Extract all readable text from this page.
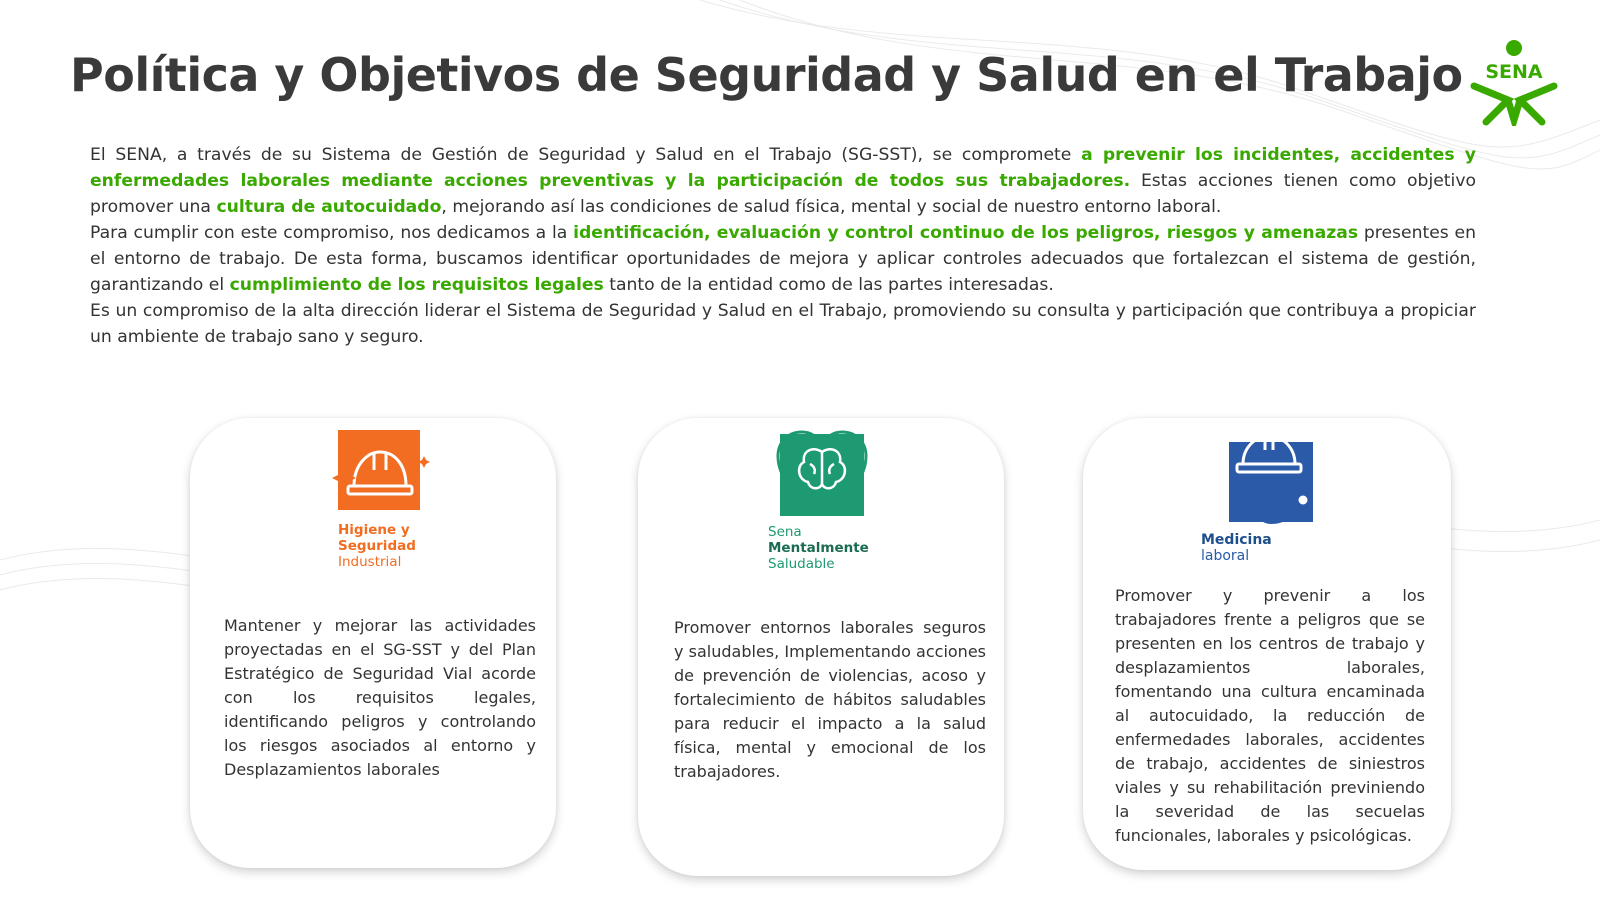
Política y Objetivos de Seguridad y Salud en el Trabajo SENA

El SENA, a través de su Sistema de Gestión de Seguridad y Salud en el Trabajo (SG-SST), se compromete a prevenir los incidentes, accidentes y enfermedades laborales mediante acciones preventivas y la participación de todos sus trabajadores. Estas acciones tienen como objetivo promover una cultura de autocuidado, mejorando así las condiciones de salud física, mental y social de nuestro entorno laboral.

Para cumplir con este compromiso, nos dedicamos a la identificación, evaluación y control continuo de los peligros, riesgos y amenazas presentes en el entorno de trabajo. De esta forma, buscamos identificar oportunidades de mejora y aplicar controles adecuados que fortalezcan el sistema de gestión, garantizando el cumplimiento de los requisitos legales tanto de la entidad como de las partes interesadas.

Es un compromiso de la alta dirección liderar el Sistema de Seguridad y Salud en el Trabajo, promoviendo su consulta y participación que contribuya a propiciar un ambiente de trabajo sano y seguro.

Higiene y
Seguridad
Industrial

Mantener y mejorar las actividades proyectadas en el SG-SST y del Plan Estratégico de Seguridad Vial acorde con los requisitos legales, identificando peligros y controlando los riesgos asociados al entorno y Desplazamientos laborales

Sena
Mentalmente
Saludable

Promover entornos laborales seguros y saludables, Implementando acciones de prevención de violencias, acoso y fortalecimiento de hábitos saludables para reducir el impacto a la salud física, mental y emocional de los trabajadores.

Medicina
laboral

Promover y prevenir a los trabajadores frente a peligros que se presenten en los centros de trabajo y desplazamientos laborales, fomentando una cultura encaminada al autocuidado, la reducción de enfermedades laborales, accidentes de trabajo, accidentes de siniestros viales y su rehabilitación previniendo la severidad de las secuelas funcionales, laborales y psicológicas.
